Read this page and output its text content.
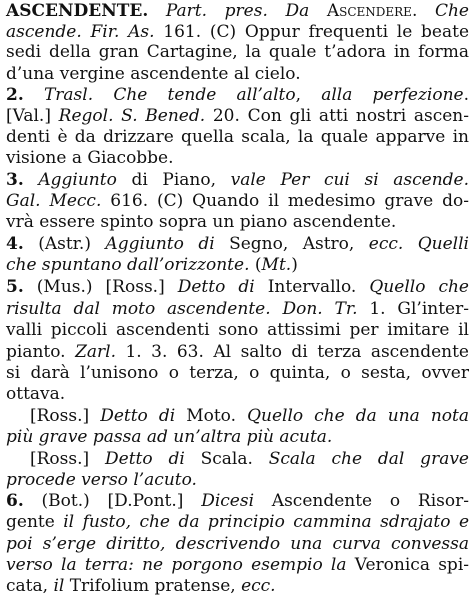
ASCENDENTE. Part. pres. Da Ascendere. Che
ascende. Fir. As. 161. (C) Oppur frequenti le beate
sedi della gran Cartagine, la quale t’adora in forma
d’una vergine ascendente al cielo.
2. Trasl. Che tende all’alto, alla perfezione.
[Val.] Regol. S. Bened. 20. Con gli atti nostri ascen-
denti è da drizzare quella scala, la quale apparve in
visione a Giacobbe.
3. Aggiunto di Piano, vale Per cui si ascende.
Gal. Mecc. 616. (C) Quando il medesimo grave do-
vrà essere spinto sopra un piano ascendente.
4. (Astr.) Aggiunto di Segno, Astro, ecc. Quelli
che spuntano dall’orizzonte. (Mt.)
5. (Mus.) [Ross.] Detto di Intervallo. Quello che
risulta dal moto ascendente. Don. Tr. 1. Gl’inter-
valli piccoli ascendenti sono attissimi per imitare il
pianto. Zarl. 1. 3. 63. Al salto di terza ascendente
si darà l’unisono o terza, o quinta, o sesta, ovver
ottava.
[Ross.] Detto di Moto. Quello che da una nota
più grave passa ad un’altra più acuta.
[Ross.] Detto di Scala. Scala che dal grave
procede verso l’acuto.
6. (Bot.) [D.Pont.] Dicesi Ascendente o Risor-
gente il fusto, che da principio cammina sdrajato e
poi s’erge diritto, descrivendo una curva convessa
verso la terra: ne porgono esempio la Veronica spi-
cata, il Trifolium pratense, ecc.
